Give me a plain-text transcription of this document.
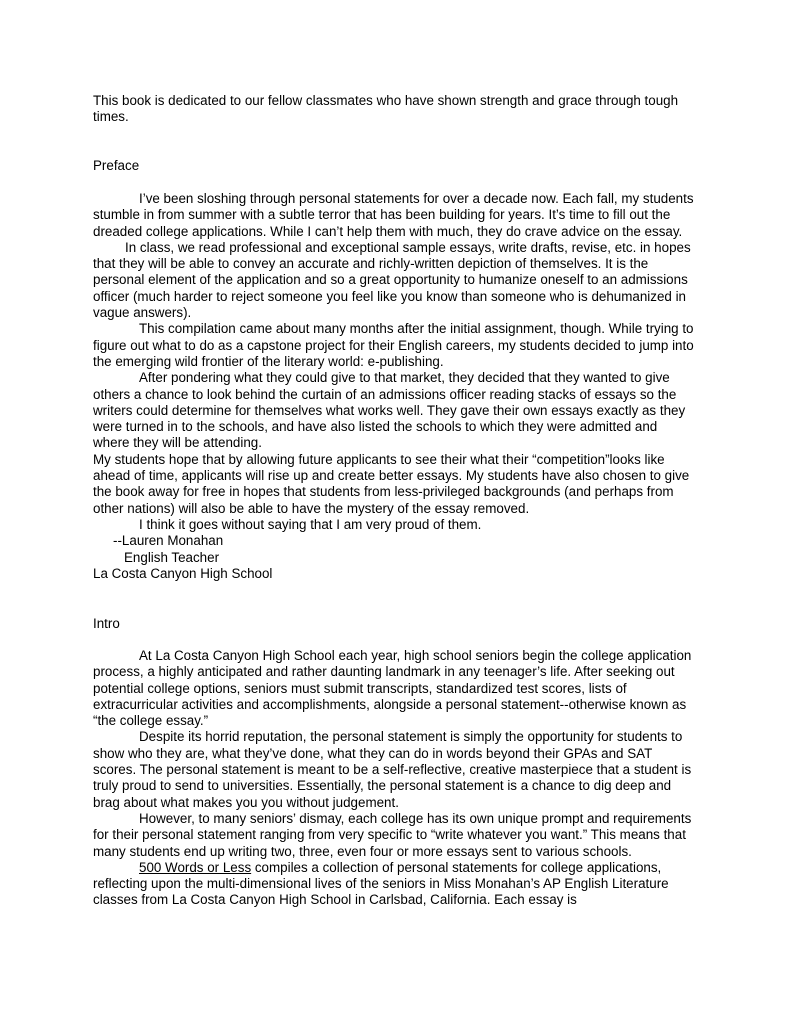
This book is dedicated to our fellow classmates who have shown strength and grace through tough times.

Preface

I’ve been sloshing through personal statements for over a decade now. Each fall, my students stumble in from summer with a subtle terror that has been building for years. It’s time to fill out the dreaded college applications. While I can’t help them with much, they do crave advice on the essay.

In class, we read professional and exceptional sample essays, write drafts, revise, etc. in hopes that they will be able to convey an accurate and richly-written depiction of themselves. It is the personal element of the application and so a great opportunity to humanize oneself to an admissions officer (much harder to reject someone you feel like you know than someone who is dehumanized in vague answers).

This compilation came about many months after the initial assignment, though. While trying to figure out what to do as a capstone project for their English careers, my students decided to jump into the emerging wild frontier of the literary world: e-publishing.

After pondering what they could give to that market, they decided that they wanted to give others a chance to look behind the curtain of an admissions officer reading stacks of essays so the writers could determine for themselves what works well. They gave their own essays exactly as they were turned in to the schools, and have also listed the schools to which they were admitted and where they will be attending.

My students hope that by allowing future applicants to see their what their “competition”looks like ahead of time, applicants will rise up and create better essays. My students have also chosen to give the book away for free in hopes that students from less-privileged backgrounds (and perhaps from other nations) will also be able to have the mystery of the essay removed.

I think it goes without saying that I am very proud of them.

--Lauren Monahan

English Teacher

La Costa Canyon High School

Intro

At La Costa Canyon High School each year, high school seniors begin the college application process, a highly anticipated and rather daunting landmark in any teenager’s life. After seeking out potential college options, seniors must submit transcripts, standardized test scores, lists of extracurricular activities and accomplishments, alongside a personal statement--otherwise known as “the college essay.”

Despite its horrid reputation, the personal statement is simply the opportunity for students to show who they are, what they’ve done, what they can do in words beyond their GPAs and SAT scores. The personal statement is meant to be a self-reflective, creative masterpiece that a student is truly proud to send to universities. Essentially, the personal statement is a chance to dig deep and brag about what makes you you without judgement.

However, to many seniors’ dismay, each college has its own unique prompt and requirements for their personal statement ranging from very specific to “write whatever you want.” This means that many students end up writing two, three, even four or more essays sent to various schools.

500 Words or Less compiles a collection of personal statements for college applications, reflecting upon the multi-dimensional lives of the seniors in Miss Monahan’s AP English Literature classes from La Costa Canyon High School in Carlsbad, California. Each essay is
